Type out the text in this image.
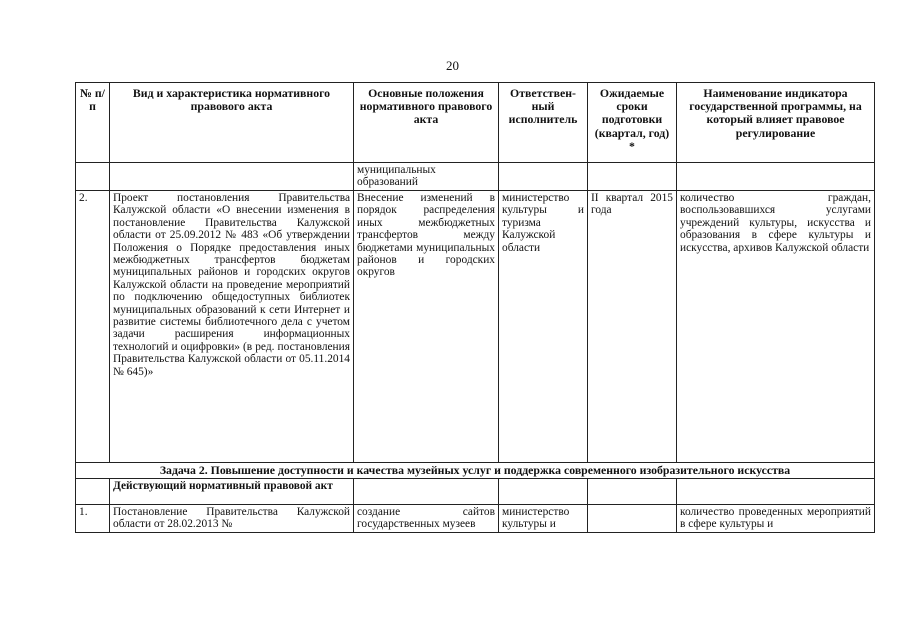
20
№ п/п	Вид и характеристика нормативного правового акта	Основные положения нормативного правового акта	Ответствен-ный исполнитель	Ожидаемые сроки подготовки (квартал, год) *	Наименование индикатора государственной программы, на который влияет правовое регулирование
		муниципальных образований			
2.	Проект постановления Правительства Калужской области «О внесении изменения в постановление Правительства Калужской области от 25.09.2012 № 483 «Об утверждении Положения о Порядке предоставления иных межбюджетных трансфертов бюджетам муниципальных районов и городских округов Калужской области на проведение мероприятий по подключению общедоступных библиотек муниципальных образований к сети Интернет и развитие системы библиотечного дела с учетом задачи расширения информационных технологий и оцифровки» (в ред. постановления Правительства Калужской области от 05.11.2014 № 645)»	Внесение изменений в порядок распределения иных межбюджетных трансфертов между бюджетами муниципальных районов и городских округов	министерство культуры и туризма Калужской области	II квартал 2015 года	количество граждан, воспользовавшихся услугами учреждений культуры, искусства и образования в сфере культуры и искусства, архивов Калужской области
Задача 2. Повышение доступности и качества музейных услуг и поддержка современного изобразительного искусства					
	Действующий нормативный правовой акт				
1.	Постановление Правительства Калужской области от 28.02.2013 №	создание сайтов государственных музеев	министерство культуры и		количество проведенных мероприятий в сфере культуры и
